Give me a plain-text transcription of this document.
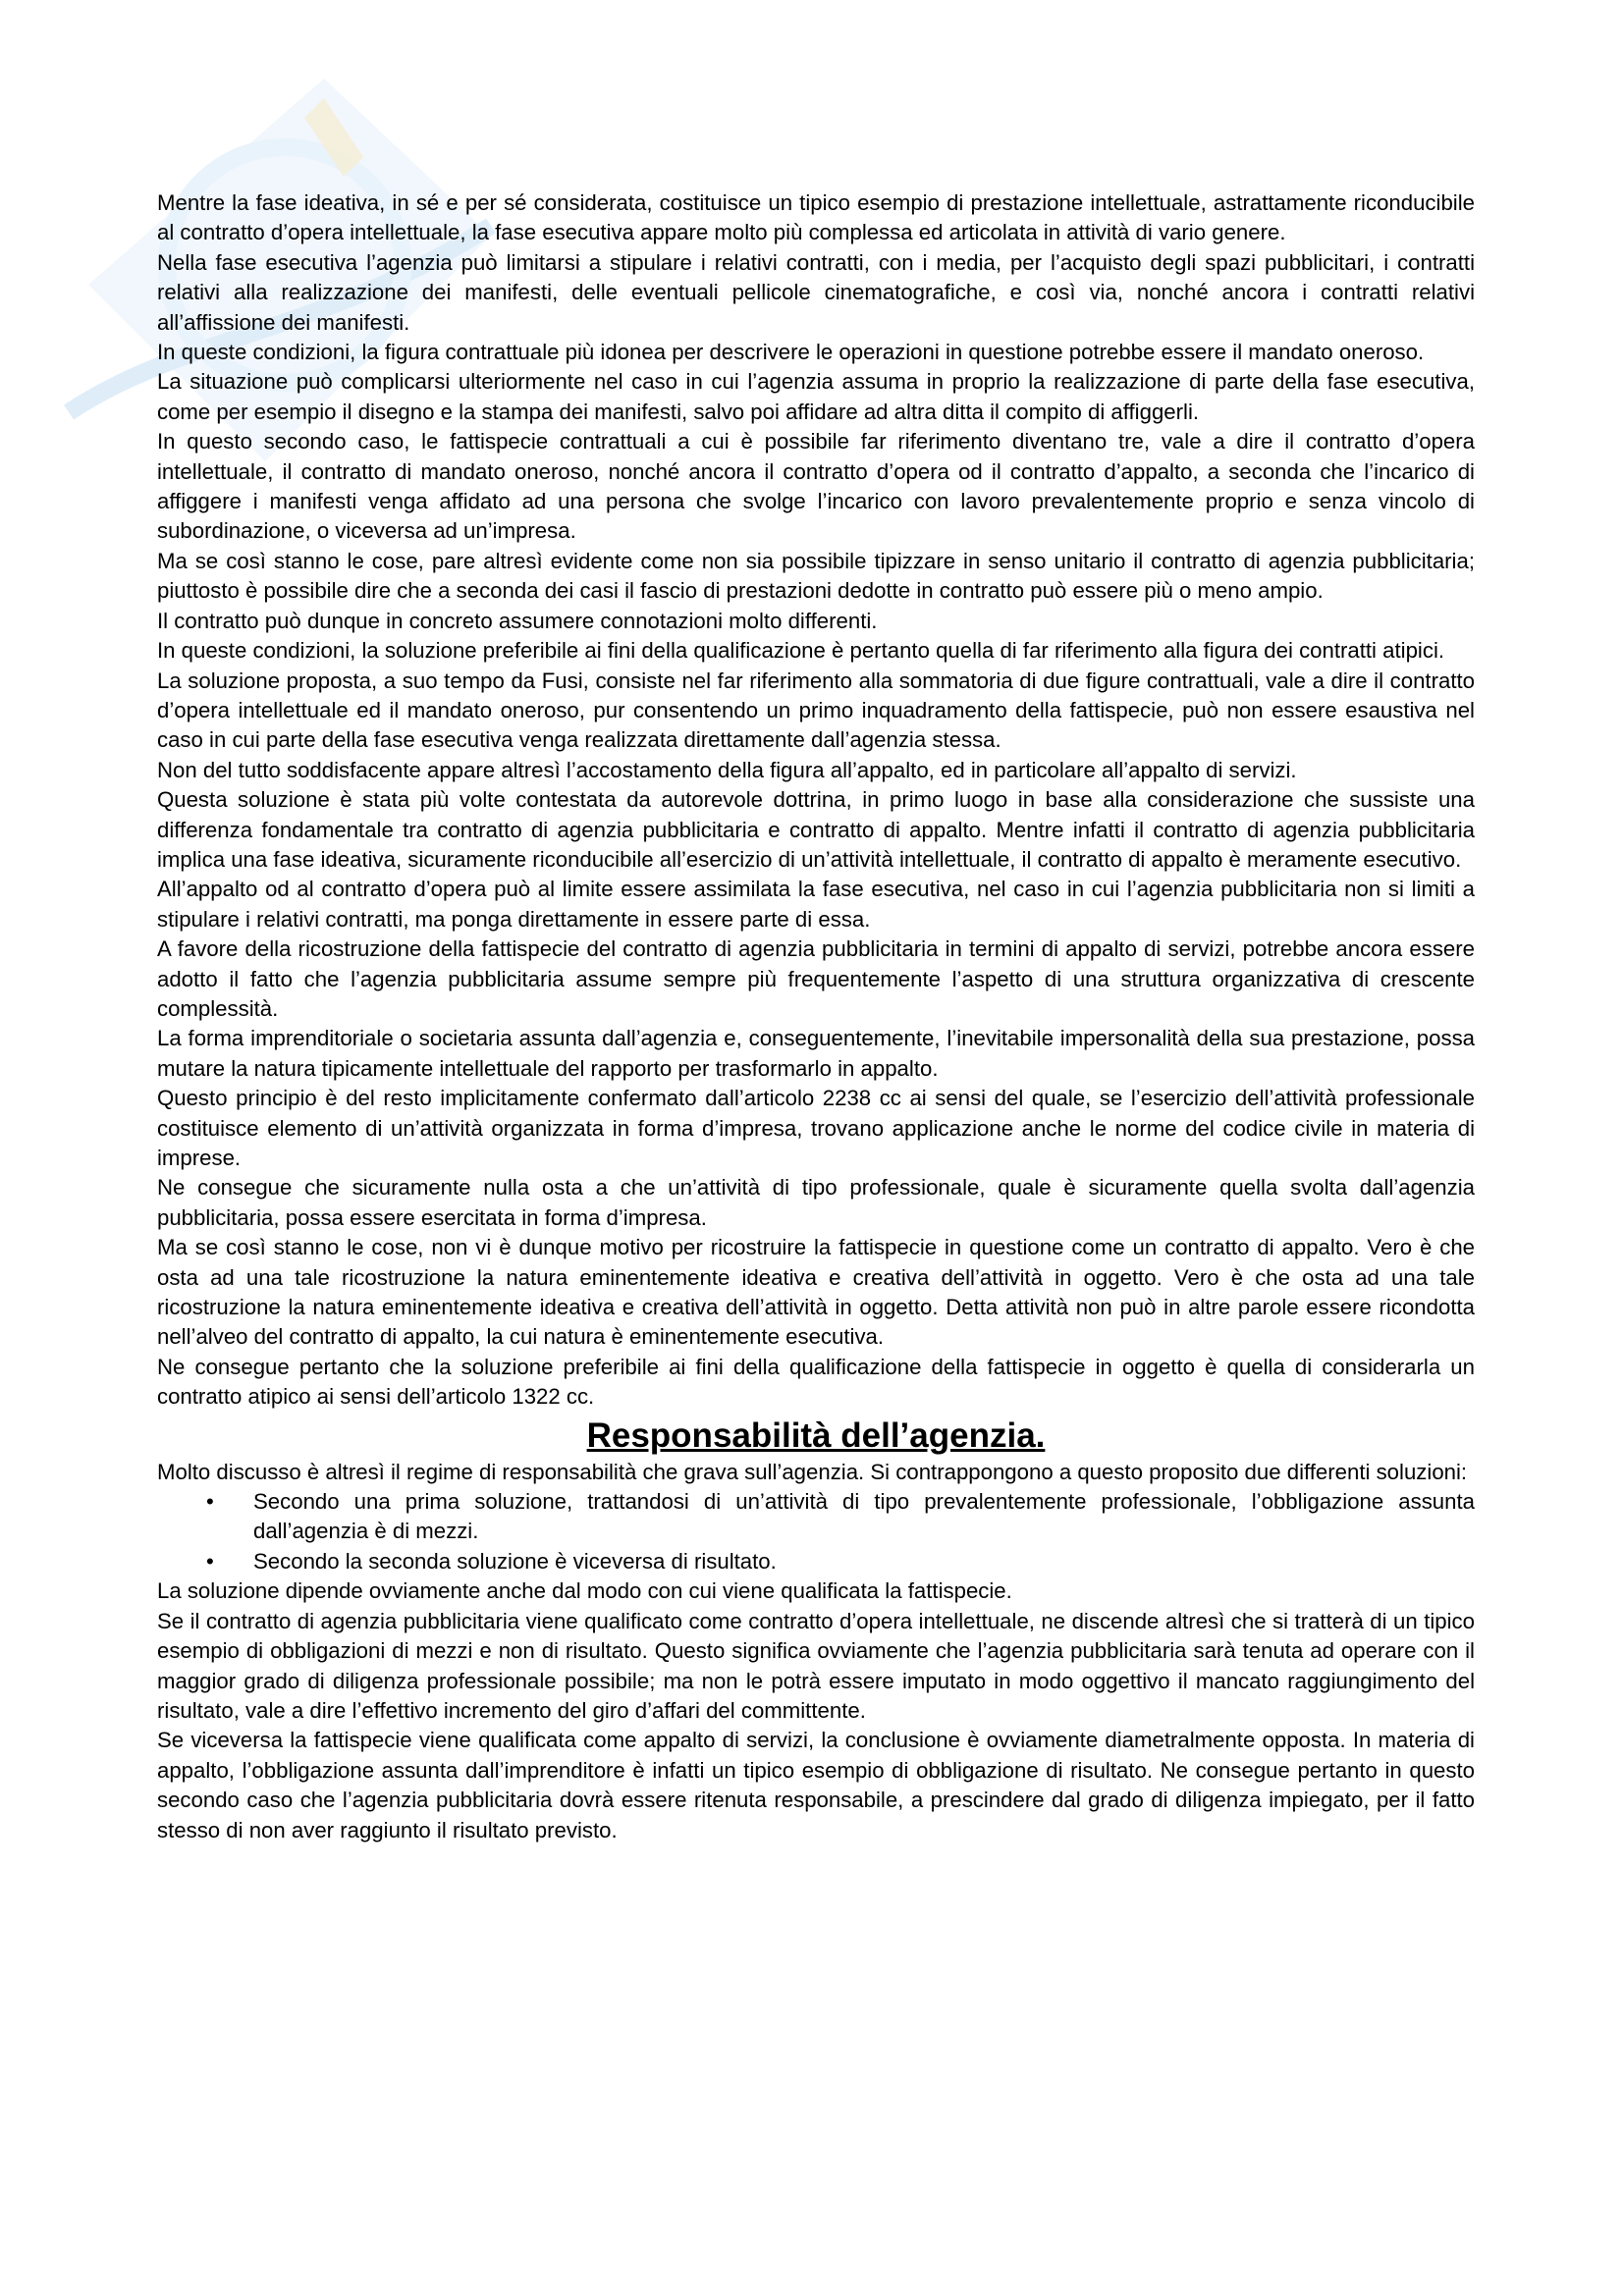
Mentre la fase ideativa, in sé e per sé considerata, costituisce un tipico esempio di prestazione intellettuale, astrattamente riconducibile al contratto d’opera intellettuale, la fase esecutiva appare molto più complessa ed articolata in attività di vario genere.

Nella fase esecutiva l’agenzia può limitarsi a stipulare i relativi contratti, con i media, per l’acquisto degli spazi pubblicitari, i contratti relativi alla realizzazione dei manifesti, delle eventuali pellicole cinematografiche, e così via, nonché ancora i contratti relativi all’affissione dei manifesti.

In queste condizioni, la figura contrattuale più idonea per descrivere le operazioni in questione potrebbe essere il mandato oneroso.

La situazione può complicarsi ulteriormente nel caso in cui l’agenzia assuma in proprio la realizzazione di parte della fase esecutiva, come per esempio il disegno e la stampa dei manifesti, salvo poi affidare ad altra ditta il compito di affiggerli.

In questo secondo caso, le fattispecie contrattuali a cui è possibile far riferimento diventano tre, vale a dire il contratto d’opera intellettuale, il contratto di mandato oneroso, nonché ancora il contratto d’opera od il contratto d’appalto, a seconda che l’incarico di affiggere i manifesti venga affidato ad una persona che svolge l’incarico con lavoro prevalentemente proprio e senza vincolo di subordinazione, o viceversa ad un’impresa.

Ma se così stanno le cose, pare altresì evidente come non sia possibile tipizzare in senso unitario il contratto di agenzia pubblicitaria; piuttosto è possibile dire che a seconda dei casi il fascio di prestazioni dedotte in contratto può essere più o meno ampio.

Il contratto può dunque in concreto assumere connotazioni molto differenti.

In queste condizioni, la soluzione preferibile ai fini della qualificazione è pertanto quella di far riferimento alla figura dei contratti atipici.

La soluzione proposta, a suo tempo da Fusi, consiste nel far riferimento alla sommatoria di due figure contrattuali, vale a dire il contratto d’opera intellettuale ed il mandato oneroso, pur consentendo un primo inquadramento della fattispecie, può non essere esaustiva nel caso in cui parte della fase esecutiva venga realizzata direttamente dall’agenzia stessa.

Non del tutto soddisfacente appare altresì l’accostamento della figura all’appalto, ed in particolare all’appalto di servizi.

Questa soluzione è stata più volte contestata da autorevole dottrina, in primo luogo in base alla considerazione che sussiste una differenza fondamentale tra contratto di agenzia pubblicitaria e contratto di appalto. Mentre infatti il contratto di agenzia pubblicitaria implica una fase ideativa, sicuramente riconducibile all’esercizio di un’attività intellettuale, il contratto di appalto è meramente esecutivo.

All’appalto od al contratto d’opera può al limite essere assimilata la fase esecutiva, nel caso in cui l’agenzia pubblicitaria non si limiti a stipulare i relativi contratti, ma ponga direttamente in essere parte di essa.

A favore della ricostruzione della fattispecie del contratto di agenzia pubblicitaria in termini di appalto di servizi, potrebbe ancora essere adotto il fatto che l’agenzia pubblicitaria assume sempre più frequentemente l’aspetto di una struttura organizzativa di crescente complessità.

La forma imprenditoriale o societaria assunta dall’agenzia e, conseguentemente, l’inevitabile impersonalità della sua prestazione, possa mutare la natura tipicamente intellettuale del rapporto per trasformarlo in appalto.

Questo principio è del resto implicitamente confermato dall’articolo 2238 cc ai sensi del quale, se l’esercizio dell’attività professionale costituisce elemento di un’attività organizzata in forma d’impresa, trovano applicazione anche le norme del codice civile in materia di imprese.

Ne consegue che sicuramente nulla osta a che un’attività di tipo professionale, quale è sicuramente quella svolta dall’agenzia pubblicitaria, possa essere esercitata in forma d’impresa.

Ma se così stanno le cose, non vi è dunque motivo per ricostruire la fattispecie in questione come un contratto di appalto. Vero è che osta ad una tale ricostruzione la natura eminentemente ideativa e creativa dell’attività in oggetto. Vero è che osta ad una tale ricostruzione la natura eminentemente ideativa e creativa dell’attività in oggetto. Detta attività non può in altre parole essere ricondotta nell’alveo del contratto di appalto, la cui natura è eminentemente esecutiva.

Ne consegue pertanto che la soluzione preferibile ai fini della qualificazione della fattispecie in oggetto è quella di considerarla un contratto atipico ai sensi dell’articolo 1322 cc.

Responsabilità dell’agenzia.

Molto discusso è altresì il regime di responsabilità che grava sull’agenzia. Si contrappongono a questo proposito due differenti soluzioni:

• Secondo una prima soluzione, trattandosi di un’attività di tipo prevalentemente professionale, l’obbligazione assunta dall’agenzia è di mezzi.
• Secondo la seconda soluzione è viceversa di risultato.

La soluzione dipende ovviamente anche dal modo con cui viene qualificata la fattispecie.

Se il contratto di agenzia pubblicitaria viene qualificato come contratto d’opera intellettuale, ne discende altresì che si tratterà di un tipico esempio di obbligazioni di mezzi e non di risultato. Questo significa ovviamente che l’agenzia pubblicitaria sarà tenuta ad operare con il maggior grado di diligenza professionale possibile; ma non le potrà essere imputato in modo oggettivo il mancato raggiungimento del risultato, vale a dire l’effettivo incremento del giro d’affari del committente.

Se viceversa la fattispecie viene qualificata come appalto di servizi, la conclusione è ovviamente diametralmente opposta. In materia di appalto, l’obbligazione assunta dall’imprenditore è infatti un tipico esempio di obbligazione di risultato. Ne consegue pertanto in questo secondo caso che l’agenzia pubblicitaria dovrà essere ritenuta responsabile, a prescindere dal grado di diligenza impiegato, per il fatto stesso di non aver raggiunto il risultato previsto.
